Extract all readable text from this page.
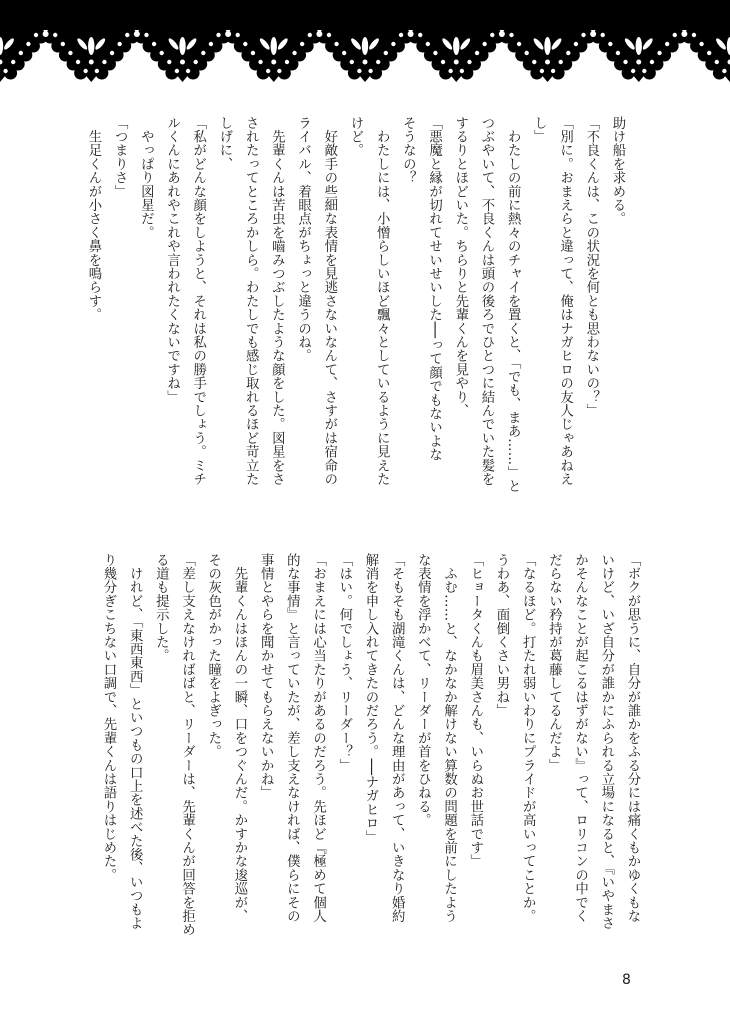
助け船を求める。
「不良くんは、この状況を何とも思わないの？」
「別に。おまえらと違って、俺はナガヒロの友人じゃあねえ
し」
　わたしの前に熱々のチャイを置くと、「でも、まあ……」と
つぶやいて、不良くんは頭の後ろでひとつに結んでいた髪を
するりとほどいた。ちらりと先輩くんを見やり、
「悪魔と縁が切れてせいせいした──って顔でもないよな
そうなの？
　わたしには、小憎らしいほど飄々としているように見えた
けど。
　好敵手の些細な表情を見逃さないなんて、さすがは宿命の
ライバル、着眼点がちょっと違うのね。
　先輩くんは苦虫を嚙みつぶしたような顔をした。図星をさ
されたってところかしら。わたしでも感じ取れるほど苛立た
しげに、
「私がどんな顔をしようと、それは私の勝手でしょう。ミチ
ルくんにあれやこれや言われたくないですね」
　やっぱり図星だ。
「つまりさ」
　生足くんが小さく鼻を鳴らす。
「ボクが思うに、自分が誰かをふる分には痛くもかゆくもな
いけど、いざ自分が誰かにふられる立場になると、『いやまさ
かそんなことが起こるはずがない』って、ロリコンの中でく
だらない矜持が葛藤してるんだよ」
「なるほど。打たれ弱いわりにプライドが高いってことか。
うわあ、面倒くさい男ね」
「ヒョータくんも眉美さんも、いらぬお世話です」
　ふむ……と、なかなか解けない算数の問題を前にしたよう
な表情を浮かべて、リーダーが首をひねる。
「そもそも湖滝くんは、どんな理由があって、いきなり婚約
解消を申し入れてきたのだろう。──ナガヒロ」
「はい。何でしょう、リーダー？」
「おまえには心当たりがあるのだろう。先ほど『極めて個人
的な事情』と言っていたが、差し支えなければ、僕らにその
事情とやらを聞かせてもらえないかね」
　先輩くんはほんの一瞬、口をつぐんだ。かすかな逡巡が、
その灰色がかった瞳をよぎった。
「差し支えなければばと、リーダーは、先輩くんが回答を拒め
る道も提示した。
　けれど、「東西東西」といつもの口上を述べた後、いつもよ
り幾分ぎこちない口調で、先輩くんは語りはじめた。
8
